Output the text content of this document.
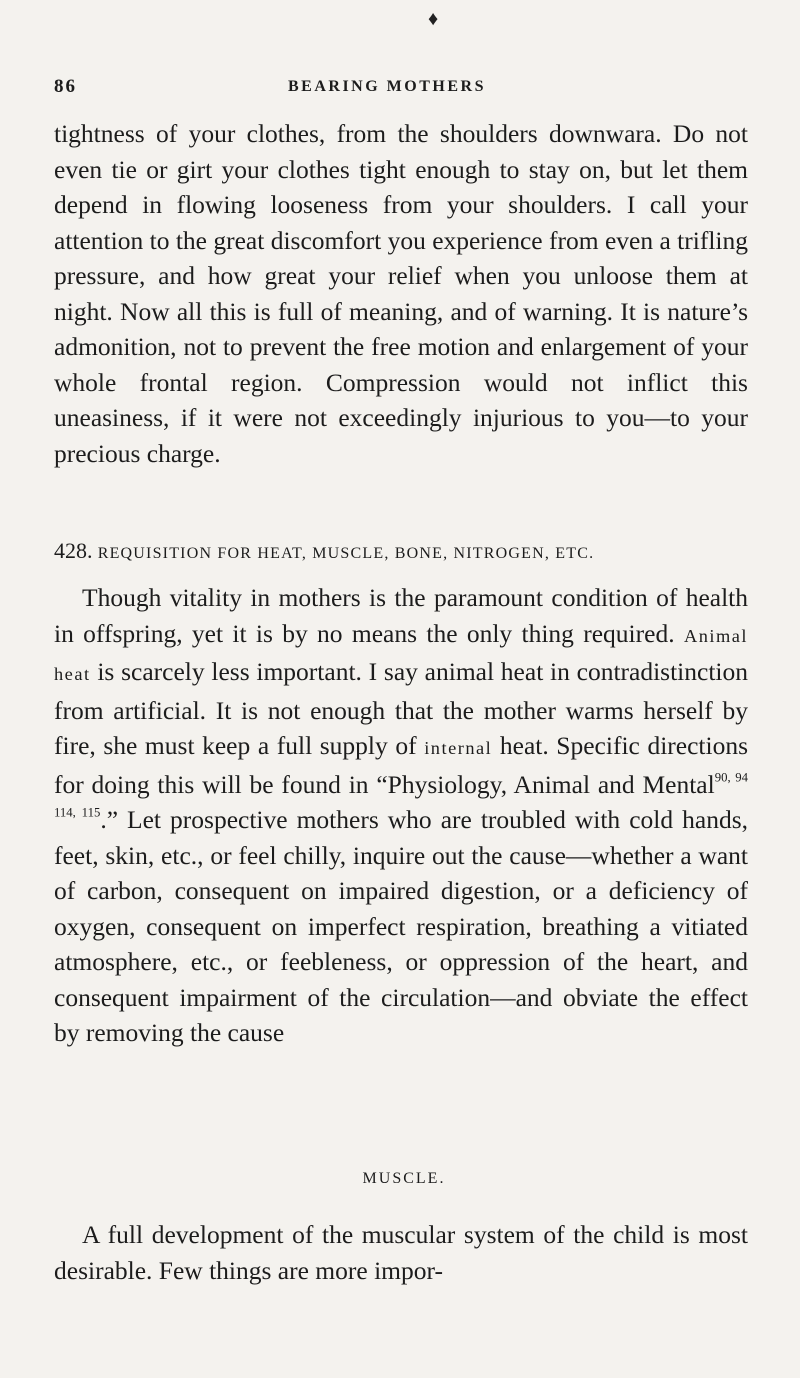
♦
86	BEARING MOTHERS

tightness of your clothes, from the shoulders downwara. Do not even tie or girt your clothes tight enough to stay on, but let them depend in flowing looseness from your shoulders. I call your attention to the great discomfort you experience from even a trifling pressure, and how great your relief when you unloose them at night. Now all this is full of meaning, and of warning. It is nature’s admonition, not to prevent the free motion and enlargement of your whole frontal region. Compression would not inflict this uneasiness, if it were not exceedingly injurious to you—to your precious charge.

428. REQUISITION FOR HEAT, MUSCLE, BONE, NITROGEN, ETC.

Though vitality in mothers is the paramount condition of health in offspring, yet it is by no means the only thing required. Animal heat is scarcely less important. I say animal heat in contradistinction from artificial. It is not enough that the mother warms herself by fire, she must keep a full supply of internal heat. Specific directions for doing this will be found in “Physiology, Animal and Mental$^{90, 94 114, 115}$.” Let prospective mothers who are troubled with cold hands, feet, skin, etc., or feel chilly, inquire out the cause—whether a want of carbon, consequent on impaired digestion, or a deficiency of oxygen, consequent on imperfect respiration, breathing a vitiated atmosphere, etc., or feebleness, or oppression of the heart, and consequent impairment of the circulation—and obviate the effect by removing the cause

MUSCLE.

A full development of the muscular system of the child is most desirable. Few things are more impor-
